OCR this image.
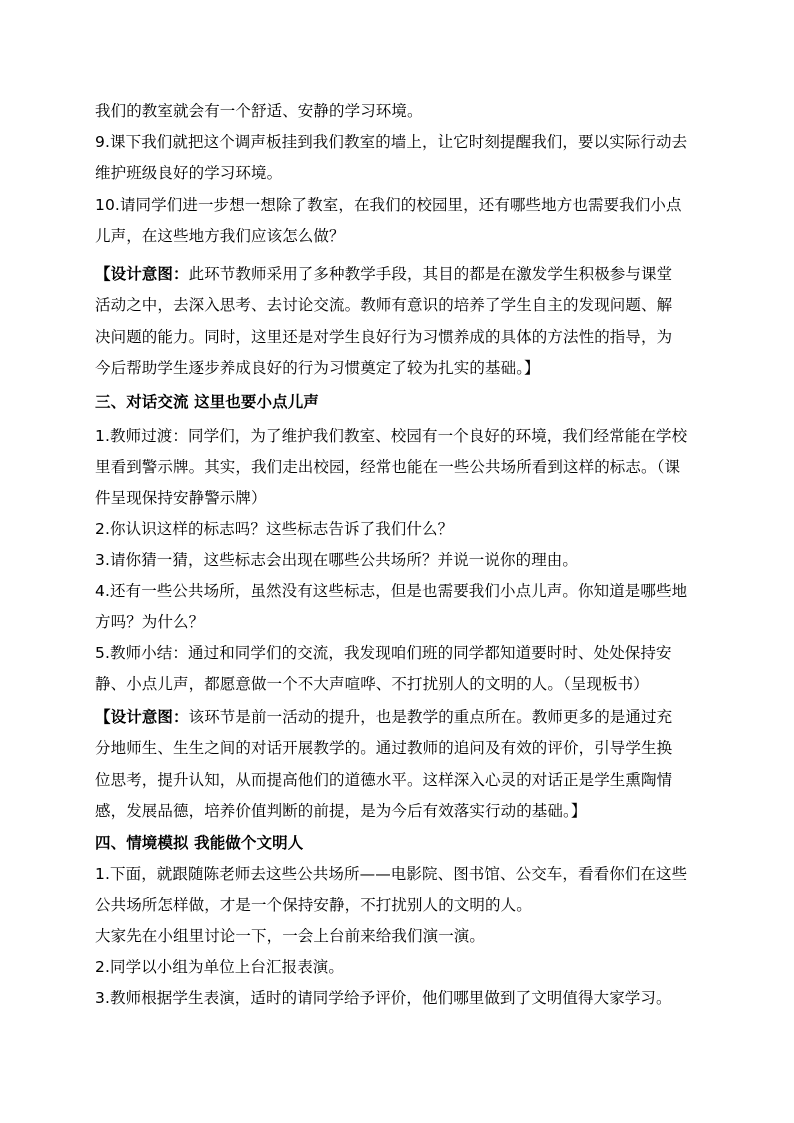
我们的教室就会有一个舒适、安静的学习环境。
9.课下我们就把这个调声板挂到我们教室的墙上，让它时刻提醒我们，要以实际行动去
维护班级良好的学习环境。
10.请同学们进一步想一想除了教室，在我们的校园里，还有哪些地方也需要我们小点
儿声，在这些地方我们应该怎么做？
【设计意图：此环节教师采用了多种教学手段，其目的都是在激发学生积极参与课堂
活动之中，去深入思考、去讨论交流。教师有意识的培养了学生自主的发现问题、解
决问题的能力。同时，这里还是对学生良好行为习惯养成的具体的方法性的指导，为
今后帮助学生逐步养成良好的行为习惯奠定了较为扎实的基础。】
三、对话交流 这里也要小点儿声
1.教师过渡：同学们，为了维护我们教室、校园有一个良好的环境，我们经常能在学校
里看到警示牌。其实，我们走出校园，经常也能在一些公共场所看到这样的标志。（课
件呈现保持安静警示牌）
2.你认识这样的标志吗？这些标志告诉了我们什么？
3.请你猜一猜，这些标志会出现在哪些公共场所？并说一说你的理由。
4.还有一些公共场所，虽然没有这些标志，但是也需要我们小点儿声。你知道是哪些地
方吗？为什么？
5.教师小结：通过和同学们的交流，我发现咱们班的同学都知道要时时、处处保持安
静、小点儿声，都愿意做一个不大声喧哗、不打扰别人的文明的人。（呈现板书）
【设计意图：该环节是前一活动的提升，也是教学的重点所在。教师更多的是通过充
分地师生、生生之间的对话开展教学的。通过教师的追问及有效的评价，引导学生换
位思考，提升认知，从而提高他们的道德水平。这样深入心灵的对话正是学生熏陶情
感，发展品德，培养价值判断的前提，是为今后有效落实行动的基础。】
四、情境模拟 我能做个文明人
1.下面，就跟随陈老师去这些公共场所——电影院、图书馆、公交车，看看你们在这些
公共场所怎样做，才是一个保持安静，不打扰别人的文明的人。
大家先在小组里讨论一下，一会上台前来给我们演一演。
2.同学以小组为单位上台汇报表演。
3.教师根据学生表演，适时的请同学给予评价，他们哪里做到了文明值得大家学习。
